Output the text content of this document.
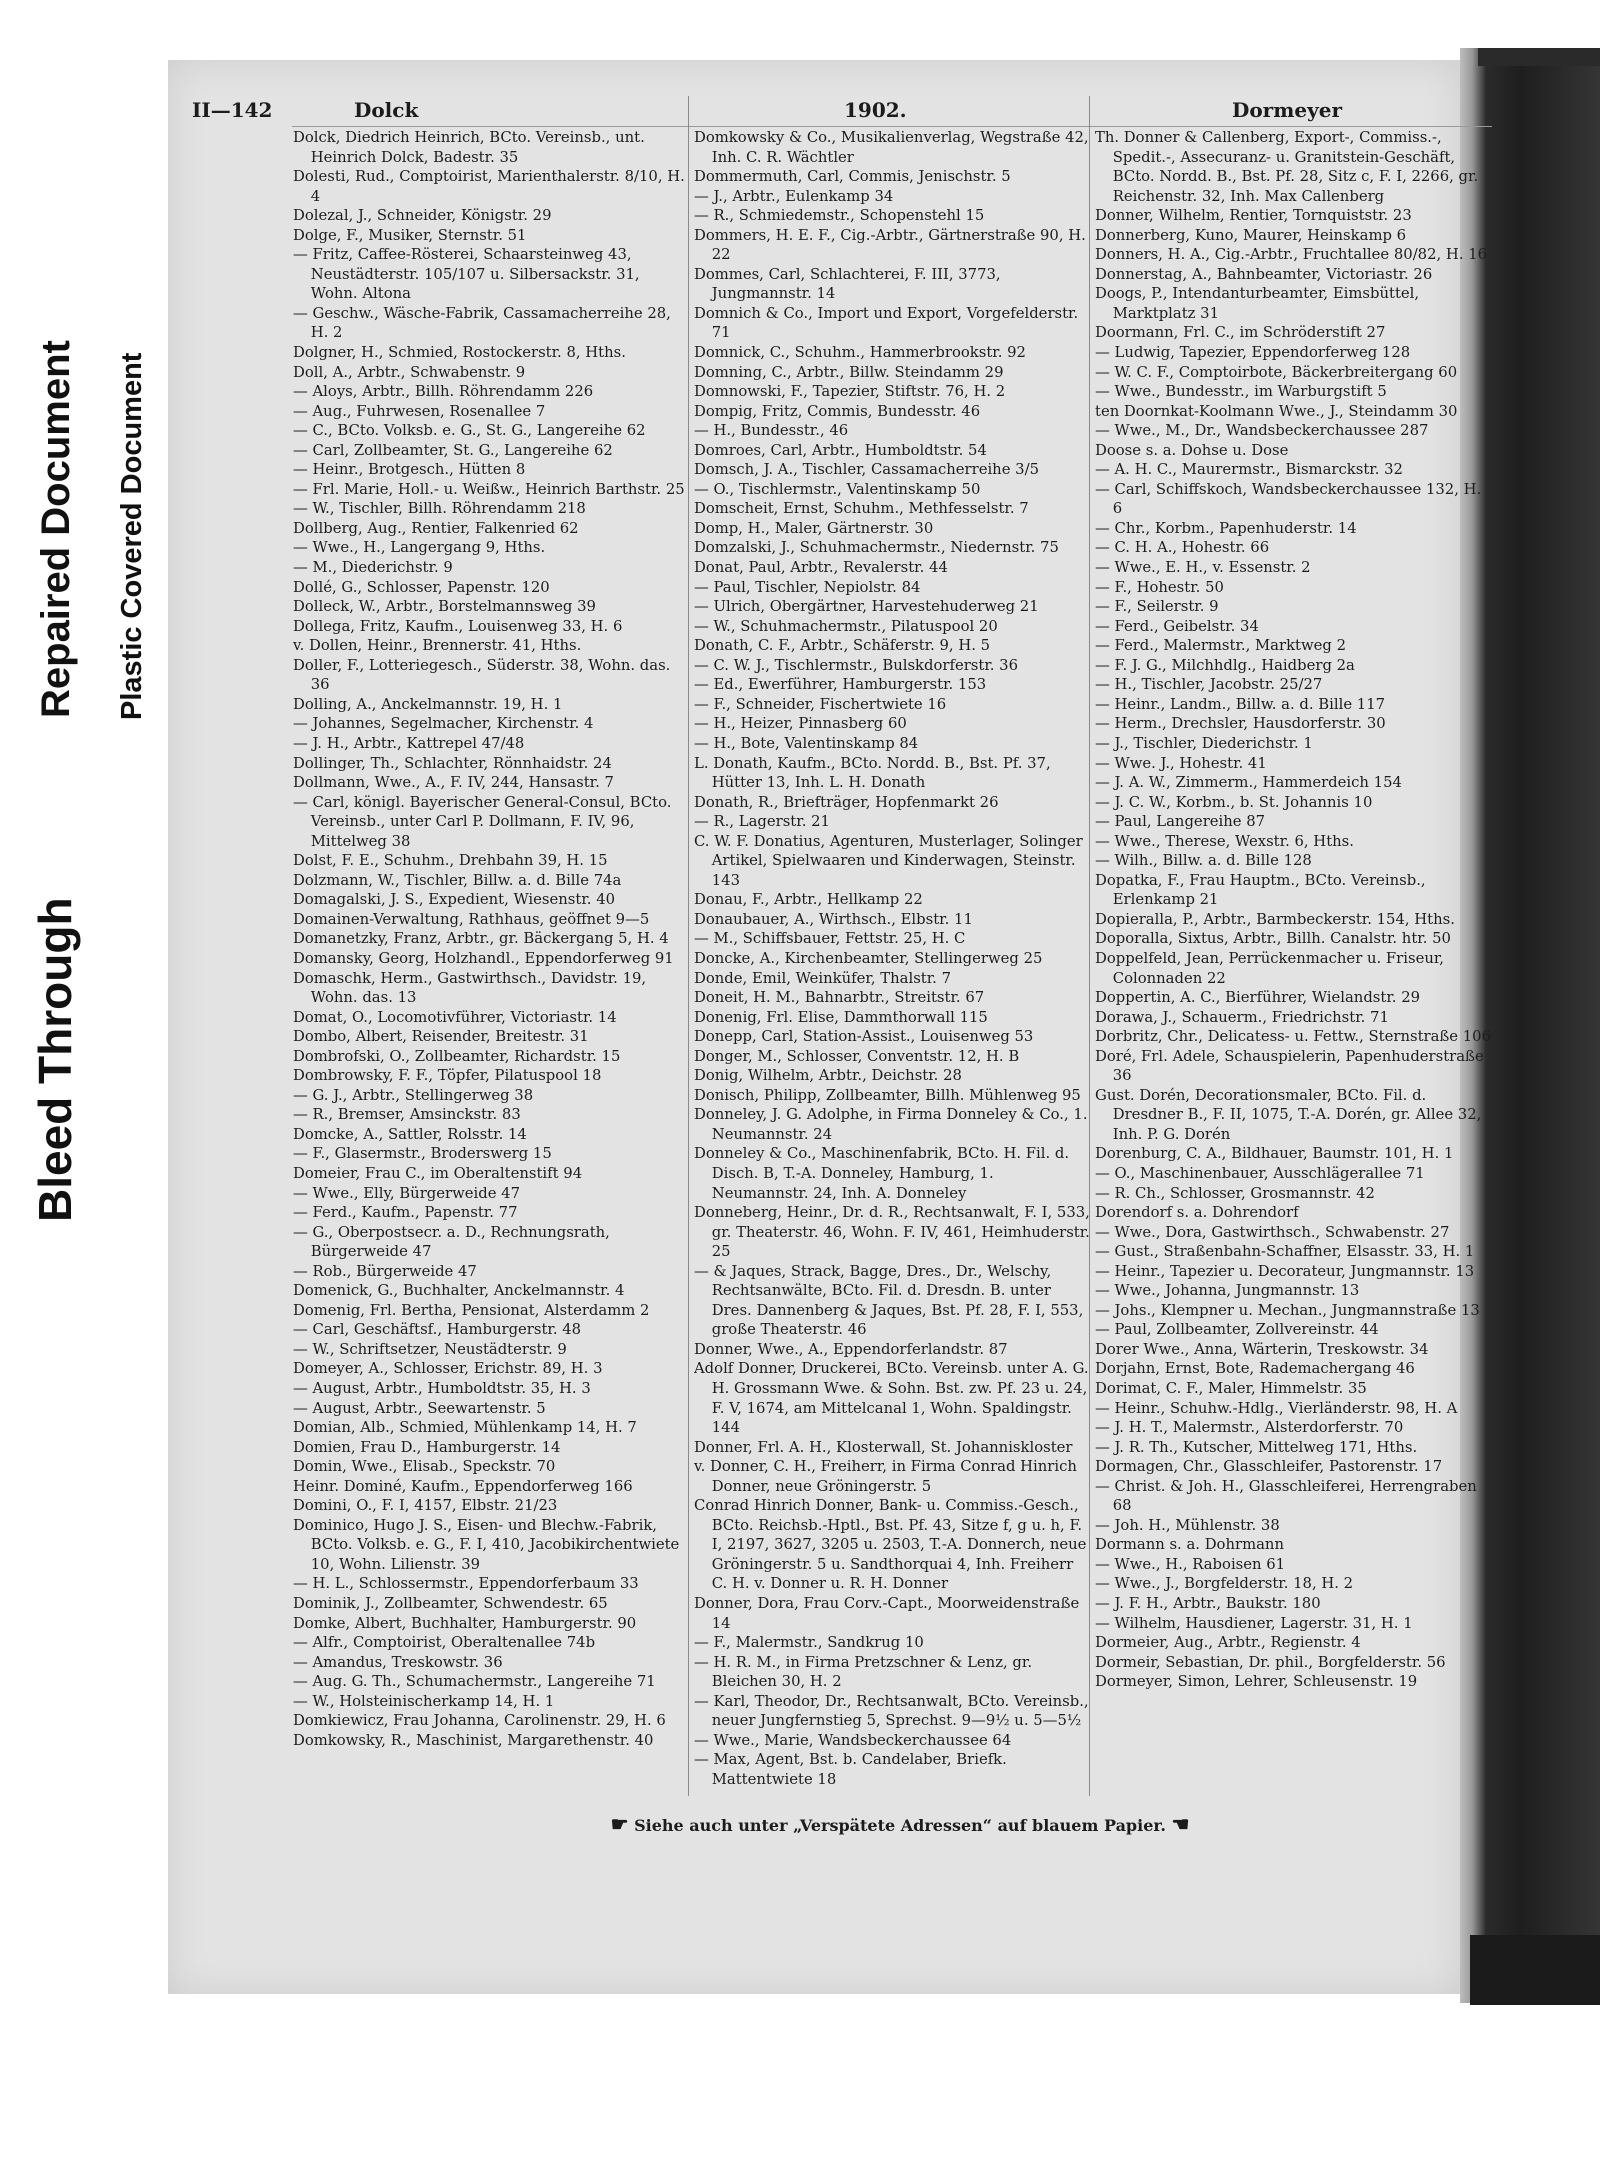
Bleed Through
Repaired Document Plastic Covered Document
II—142	Dolck	1902.	Dormeyer

Dolck, Diedrich Heinrich, BCto. Vereinsb., unt. Heinrich Dolck, Badestr. 35

Dolesti, Rud., Comptoirist, Marienthalerstr. 8/10, H. 4

Dolezal, J., Schneider, Königstr. 29

Dolge, F., Musiker, Sternstr. 51

— Fritz, Caffee-Rösterei, Schaarsteinweg 43, Neustädterstr. 105/107 u. Silbersackstr. 31, Wohn. Altona

— Geschw., Wäsche-Fabrik, Cassamacherreihe 28, H. 2

Dolgner, H., Schmied, Rostockerstr. 8, Hths.

Doll, A., Arbtr., Schwabenstr. 9

— Aloys, Arbtr., Billh. Röhrendamm 226

— Aug., Fuhrwesen, Rosenallee 7

— C., BCto. Volksb. e. G., St. G., Langereihe 62

— Carl, Zollbeamter, St. G., Langereihe 62

— Heinr., Brotgesch., Hütten 8

— Frl. Marie, Holl.- u. Weißw., Heinrich Barthstr. 25

— W., Tischler, Billh. Röhrendamm 218

Dollberg, Aug., Rentier, Falkenried 62

— Wwe., H., Langergang 9, Hths.

— M., Diederichstr. 9

Dollé, G., Schlosser, Papenstr. 120

Dolleck, W., Arbtr., Borstelmannsweg 39

Dollega, Fritz, Kaufm., Louisenweg 33, H. 6

v. Dollen, Heinr., Brennerstr. 41, Hths.

Doller, F., Lotteriegesch., Süderstr. 38, Wohn. das. 36

Dolling, A., Anckelmannstr. 19, H. 1

— Johannes, Segelmacher, Kirchenstr. 4

— J. H., Arbtr., Kattrepel 47/48

Dollinger, Th., Schlachter, Rönnhaidstr. 24

Dollmann, Wwe., A., F. IV, 244, Hansastr. 7

— Carl, königl. Bayerischer General-Consul, BCto. Vereinsb., unter Carl P. Dollmann, F. IV, 96, Mittelweg 38

Dolst, F. E., Schuhm., Drehbahn 39, H. 15

Dolzmann, W., Tischler, Billw. a. d. Bille 74a

Domagalski, J. S., Expedient, Wiesenstr. 40

Domainen-Verwaltung, Rathhaus, geöffnet 9—5

Domanetzky, Franz, Arbtr., gr. Bäckergang 5, H. 4

Domansky, Georg, Holzhandl., Eppendorferweg 91

Domaschk, Herm., Gastwirthsch., Davidstr. 19, Wohn. das. 13

Domat, O., Locomotivführer, Victoriastr. 14

Dombo, Albert, Reisender, Breitestr. 31

Dombrofski, O., Zollbeamter, Richardstr. 15

Dombrowsky, F. F., Töpfer, Pilatuspool 18

— G. J., Arbtr., Stellingerweg 38

— R., Bremser, Amsinckstr. 83

Domcke, A., Sattler, Rolsstr. 14

— F., Glasermstr., Broderswerg 15

Domeier, Frau C., im Oberaltenstift 94

— Wwe., Elly, Bürgerweide 47

— Ferd., Kaufm., Papenstr. 77

— G., Oberpostsecr. a. D., Rechnungsrath, Bürgerweide 47

— Rob., Bürgerweide 47

Domenick, G., Buchhalter, Anckelmannstr. 4

Domenig, Frl. Bertha, Pensionat, Alsterdamm 2

— Carl, Geschäftsf., Hamburgerstr. 48

— W., Schriftsetzer, Neustädterstr. 9

Domeyer, A., Schlosser, Erichstr. 89, H. 3

— August, Arbtr., Humboldtstr. 35, H. 3

— August, Arbtr., Seewartenstr. 5

Domian, Alb., Schmied, Mühlenkamp 14, H. 7

Domien, Frau D., Hamburgerstr. 14

Domin, Wwe., Elisab., Speckstr. 70

Heinr. Dominé, Kaufm., Eppendorferweg 166

Domini, O., F. I, 4157, Elbstr. 21/23

Dominico, Hugo J. S., Eisen- und Blechw.-Fabrik, BCto. Volksb. e. G., F. I, 410, Jacobikirchentwiete 10, Wohn. Lilienstr. 39

— H. L., Schlossermstr., Eppendorferbaum 33

Dominik, J., Zollbeamter, Schwendestr. 65

Domke, Albert, Buchhalter, Hamburgerstr. 90

— Alfr., Comptoirist, Oberaltenallee 74b

— Amandus, Treskowstr. 36

— Aug. G. Th., Schumachermstr., Langereihe 71

— W., Holsteinischerkamp 14, H. 1

Domkiewicz, Frau Johanna, Carolinenstr. 29, H. 6

Domkowsky, R., Maschinist, Margarethenstr. 40

Domkowsky & Co., Musikalienverlag, Wegstraße 42, Inh. C. R. Wächtler

Dommermuth, Carl, Commis, Jenischstr. 5

— J., Arbtr., Eulenkamp 34

— R., Schmiedemstr., Schopenstehl 15

Dommers, H. E. F., Cig.-Arbtr., Gärtnerstraße 90, H. 22

Dommes, Carl, Schlachterei, F. III, 3773, Jungmannstr. 14

Domnich & Co., Import und Export, Vorgefelderstr. 71

Domnick, C., Schuhm., Hammerbrookstr. 92

Domning, C., Arbtr., Billw. Steindamm 29

Domnowski, F., Tapezier, Stiftstr. 76, H. 2

Dompig, Fritz, Commis, Bundesstr. 46

— H., Bundesstr., 46

Domroes, Carl, Arbtr., Humboldtstr. 54

Domsch, J. A., Tischler, Cassamacherreihe 3/5

— O., Tischlermstr., Valentinskamp 50

Domscheit, Ernst, Schuhm., Methfesselstr. 7

Domp, H., Maler, Gärtnerstr. 30

Domzalski, J., Schuhmachermstr., Niedernstr. 75

Donat, Paul, Arbtr., Revalerstr. 44

— Paul, Tischler, Nepiolstr. 84

— Ulrich, Obergärtner, Harvestehuderweg 21

— W., Schuhmachermstr., Pilatuspool 20

Donath, C. F., Arbtr., Schäferstr. 9, H. 5

— C. W. J., Tischlermstr., Bulskdorferstr. 36

— Ed., Ewerführer, Hamburgerstr. 153

— F., Schneider, Fischertwiete 16

— H., Heizer, Pinnasberg 60

— H., Bote, Valentinskamp 84

L. Donath, Kaufm., BCto. Nordd. B., Bst. Pf. 37, Hütter 13, Inh. L. H. Donath

Donath, R., Briefträger, Hopfenmarkt 26

— R., Lagerstr. 21

C. W. F. Donatius, Agenturen, Musterlager, Solinger Artikel, Spielwaaren und Kinderwagen, Steinstr. 143

Donau, F., Arbtr., Hellkamp 22

Donaubauer, A., Wirthsch., Elbstr. 11

— M., Schiffsbauer, Fettstr. 25, H. C

Doncke, A., Kirchenbeamter, Stellingerweg 25

Donde, Emil, Weinküfer, Thalstr. 7

Doneit, H. M., Bahnarbtr., Streitstr. 67

Donenig, Frl. Elise, Dammthorwall 115

Donepp, Carl, Station-Assist., Louisenweg 53

Donger, M., Schlosser, Conventstr. 12, H. B

Donig, Wilhelm, Arbtr., Deichstr. 28

Donisch, Philipp, Zollbeamter, Billh. Mühlenweg 95

Donneley, J. G. Adolphe, in Firma Donneley & Co., 1. Neumannstr. 24

Donneley & Co., Maschinenfabrik, BCto. H. Fil. d. Disch. B, T.-A. Donneley, Hamburg, 1. Neumannstr. 24, Inh. A. Donneley

Donneberg, Heinr., Dr. d. R., Rechtsanwalt, F. I, 533, gr. Theaterstr. 46, Wohn. F. IV, 461, Heimhuderstr. 25

— & Jaques, Strack, Bagge, Dres., Dr., Welschy, Rechtsanwälte, BCto. Fil. d. Dresdn. B. unter Dres. Dannenberg & Jaques, Bst. Pf. 28, F. I, 553, große Theaterstr. 46

Donner, Wwe., A., Eppendorferlandstr. 87

Adolf Donner, Druckerei, BCto. Vereinsb. unter A. G. H. Grossmann Wwe. & Sohn. Bst. zw. Pf. 23 u. 24, F. V, 1674, am Mittelcanal 1, Wohn. Spaldingstr. 144

Donner, Frl. A. H., Klosterwall, St. Johanniskloster

v. Donner, C. H., Freiherr, in Firma Conrad Hinrich Donner, neue Gröningerstr. 5

Conrad Hinrich Donner, Bank- u. Commiss.-Gesch., BCto. Reichsb.-Hptl., Bst. Pf. 43, Sitze f, g u. h, F. I, 2197, 3627, 3205 u. 2503, T.-A. Donnerch, neue Gröningerstr. 5 u. Sandthorquai 4, Inh. Freiherr C. H. v. Donner u. R. H. Donner

Donner, Dora, Frau Corv.-Capt., Moorweidenstraße 14

— F., Malermstr., Sandkrug 10

— H. R. M., in Firma Pretzschner & Lenz, gr. Bleichen 30, H. 2

— Karl, Theodor, Dr., Rechtsanwalt, BCto. Vereinsb., neuer Jungfernstieg 5, Sprechst. 9—9½ u. 5—5½

— Wwe., Marie, Wandsbeckerchaussee 64

— Max, Agent, Bst. b. Candelaber, Briefk. Mattentwiete 18

Th. Donner & Callenberg, Export-, Commiss.-, Spedit.-, Assecuranz- u. Granitstein-Geschäft, BCto. Nordd. B., Bst. Pf. 28, Sitz c, F. I, 2266, gr. Reichenstr. 32, Inh. Max Callenberg

Donner, Wilhelm, Rentier, Tornquiststr. 23

Donnerberg, Kuno, Maurer, Heinskamp 6

Donners, H. A., Cig.-Arbtr., Fruchtallee 80/82, H. 16

Donnerstag, A., Bahnbeamter, Victoriastr. 26

Doogs, P., Intendanturbeamter, Eimsbüttel, Marktplatz 31

Doormann, Frl. C., im Schröderstift 27

— Ludwig, Tapezier, Eppendorferweg 128

— W. C. F., Comptoirbote, Bäckerbreitergang 60

— Wwe., Bundesstr., im Warburgstift 5

ten Doornkat-Koolmann Wwe., J., Steindamm 30

— Wwe., M., Dr., Wandsbeckerchaussee 287

Doose s. a. Dohse u. Dose

— A. H. C., Maurermstr., Bismarckstr. 32

— Carl, Schiffskoch, Wandsbeckerchaussee 132, H. 6

— Chr., Korbm., Papenhuderstr. 14

— C. H. A., Hohestr. 66

— Wwe., E. H., v. Essenstr. 2

— F., Hohestr. 50

— F., Seilerstr. 9

— Ferd., Geibelstr. 34

— Ferd., Malermstr., Marktweg 2

— F. J. G., Milchhdlg., Haidberg 2a

— H., Tischler, Jacobstr. 25/27

— Heinr., Landm., Billw. a. d. Bille 117

— Herm., Drechsler, Hausdorferstr. 30

— J., Tischler, Diederichstr. 1

— Wwe. J., Hohestr. 41

— J. A. W., Zimmerm., Hammerdeich 154

— J. C. W., Korbm., b. St. Johannis 10

— Paul, Langereihe 87

— Wwe., Therese, Wexstr. 6, Hths.

— Wilh., Billw. a. d. Bille 128

Dopatka, F., Frau Hauptm., BCto. Vereinsb., Erlenkamp 21

Dopieralla, P., Arbtr., Barmbeckerstr. 154, Hths.

Doporalla, Sixtus, Arbtr., Billh. Canalstr. htr. 50

Doppelfeld, Jean, Perrückenmacher u. Friseur, Colonnaden 22

Doppertin, A. C., Bierführer, Wielandstr. 29

Dorawa, J., Schauerm., Friedrichstr. 71

Dorbritz, Chr., Delicatess- u. Fettw., Sternstraße 106

Doré, Frl. Adele, Schauspielerin, Papenhuderstraße 36

Gust. Dorén, Decorationsmaler, BCto. Fil. d. Dresdner B., F. II, 1075, T.-A. Dorén, gr. Allee 32, Inh. P. G. Dorén

Dorenburg, C. A., Bildhauer, Baumstr. 101, H. 1

— O., Maschinenbauer, Ausschlägerallee 71

— R. Ch., Schlosser, Grosmannstr. 42

Dorendorf s. a. Dohrendorf

— Wwe., Dora, Gastwirthsch., Schwabenstr. 27

— Gust., Straßenbahn-Schaffner, Elsasstr. 33, H. 1

— Heinr., Tapezier u. Decorateur, Jungmannstr. 13

— Wwe., Johanna, Jungmannstr. 13

— Johs., Klempner u. Mechan., Jungmannstraße 13

— Paul, Zollbeamter, Zollvereinstr. 44

Dorer Wwe., Anna, Wärterin, Treskowstr. 34

Dorjahn, Ernst, Bote, Rademachergang 46

Dorimat, C. F., Maler, Himmelstr. 35

— Heinr., Schuhw.-Hdlg., Vierländerstr. 98, H. A

— J. H. T., Malermstr., Alsterdorferstr. 70

— J. R. Th., Kutscher, Mittelweg 171, Hths.

Dormagen, Chr., Glasschleifer, Pastorenstr. 17

— Christ. & Joh. H., Glasschleiferei, Herrengraben 68

— Joh. H., Mühlenstr. 38

Dormann s. a. Dohrmann

— Wwe., H., Raboisen 61

— Wwe., J., Borgfelderstr. 18, H. 2

— J. F. H., Arbtr., Baukstr. 180

— Wilhelm, Hausdiener, Lagerstr. 31, H. 1

Dormeier, Aug., Arbtr., Regienstr. 4

Dormeir, Sebastian, Dr. phil., Borgfelderstr. 56

Dormeyer, Simon, Lehrer, Schleusenstr. 19

☛ Siehe auch unter „Verspätete Adressen“ auf blauem Papier. ☚
